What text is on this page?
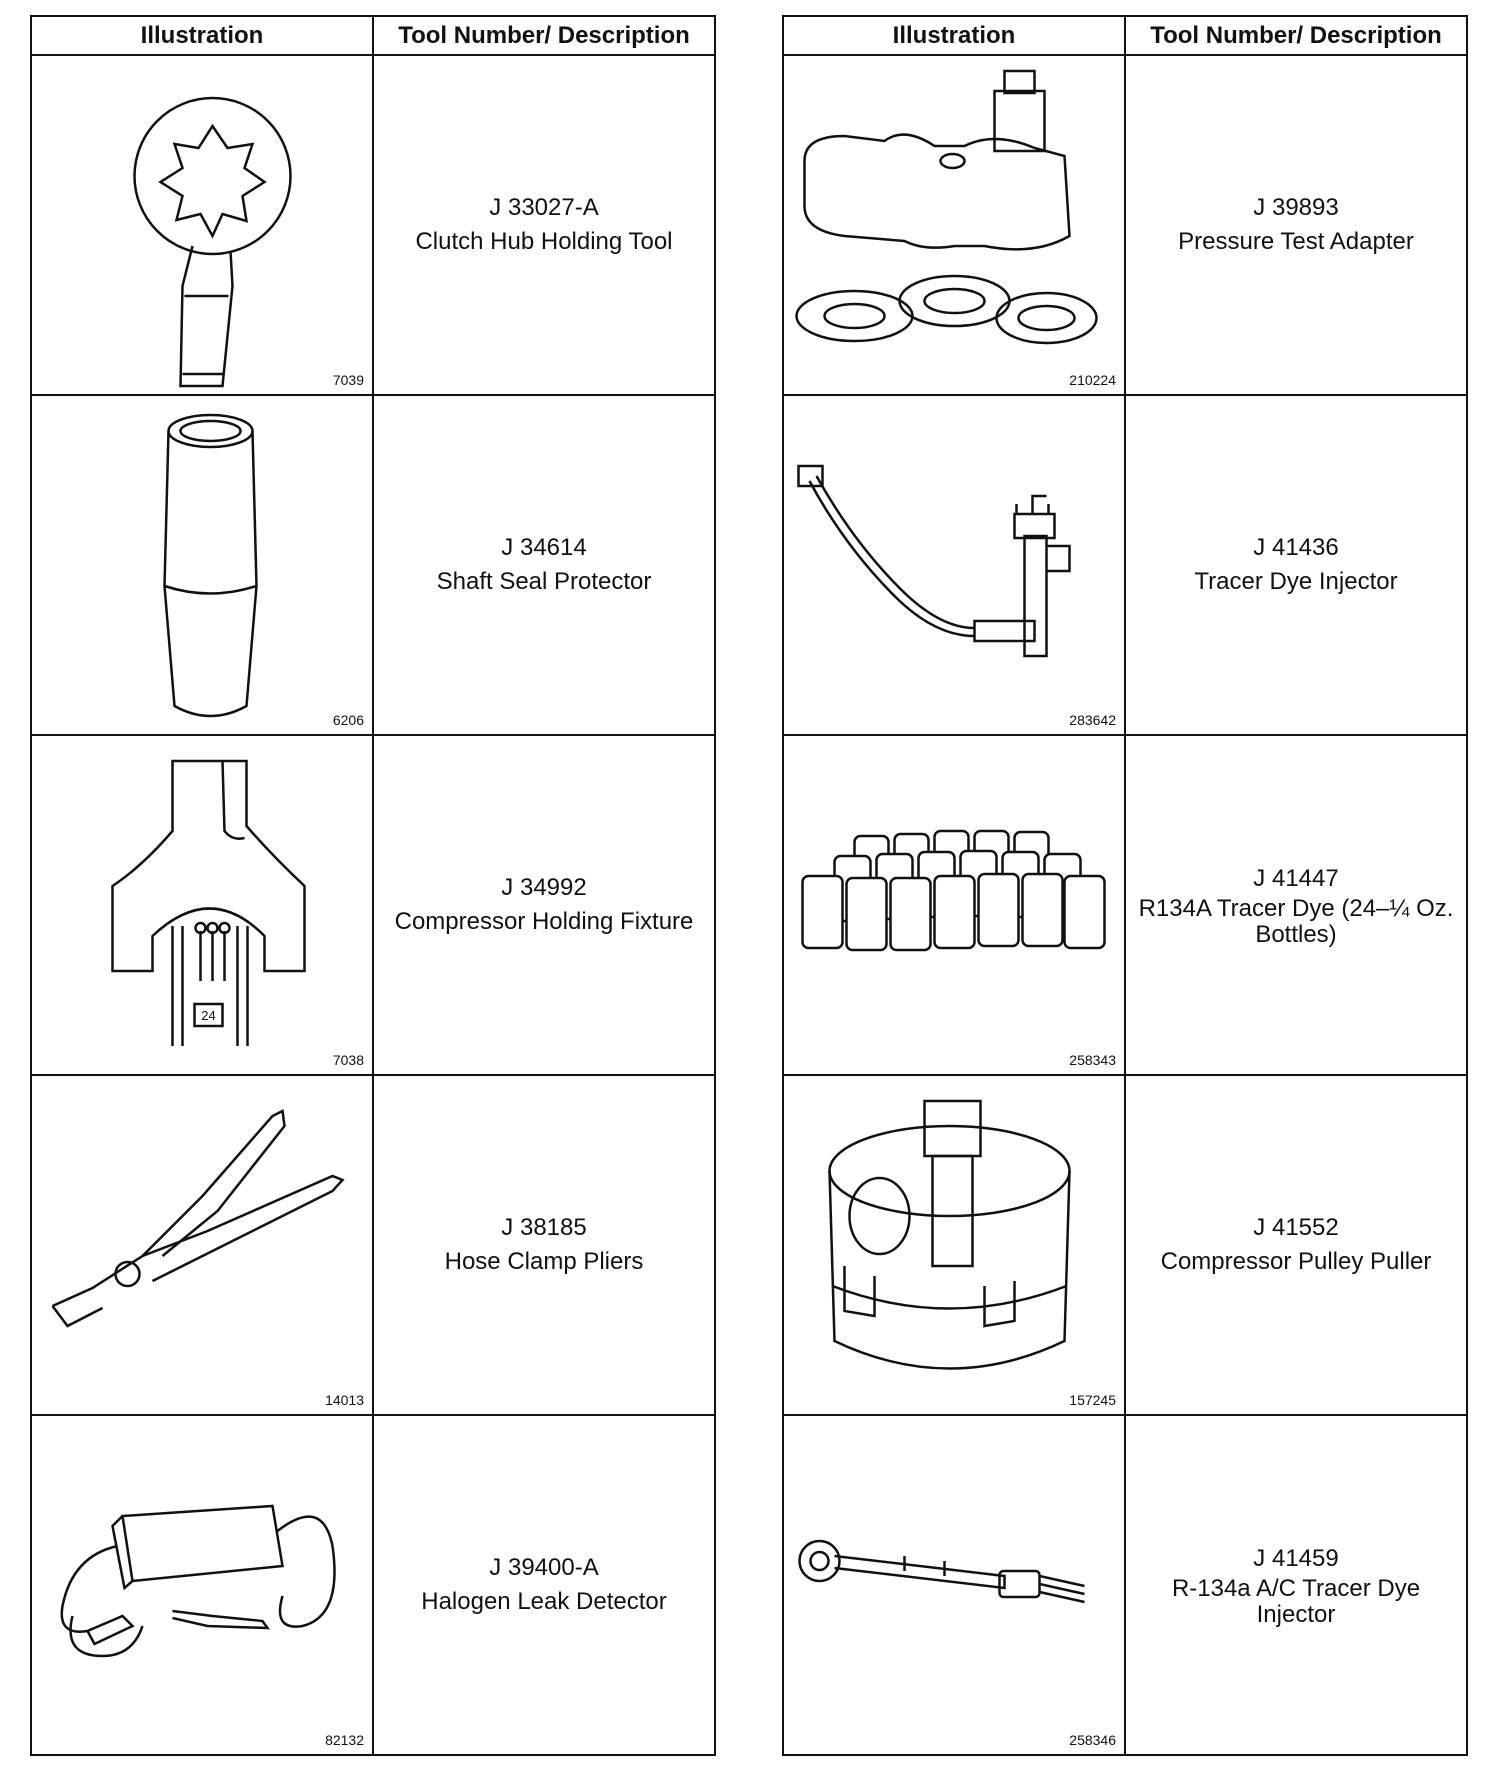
Illustration	Tool Number/ Description

7039	J 33027-A
Clutch Hub Holding Tool

6206	J 34614
Shaft Seal Protector

24
7038	J 34992
Compressor Holding Fixture

14013	J 38185
Hose Clamp Pliers

82132	J 39400-A
Halogen Leak Detector
Illustration	Tool Number/ Description

210224	J 39893
Pressure Test Adapter

283642	J 41436
Tracer Dye Injector

258343	J 41447
R134A Tracer Dye (24–¼ Oz. Bottles)

157245	J 41552
Compressor Pulley Puller

258346	J 41459
R-134a A/C Tracer Dye Injector
